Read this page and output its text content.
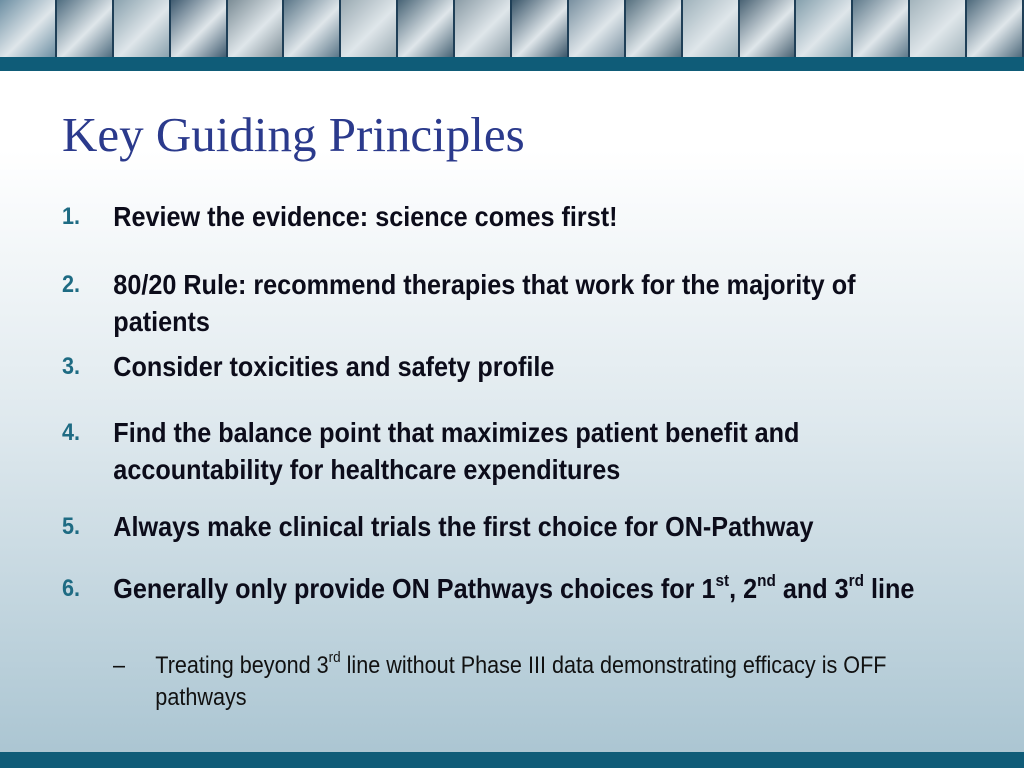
Key Guiding Principles
1.	Review the evidence: science comes first!
2.	80/20 Rule: recommend therapies that work for the majority of patients
3.	Consider toxicities and safety profile
4.	Find the balance point that maximizes patient benefit and accountability for healthcare expenditures
5.	Always make clinical trials the first choice for ON-Pathway
6.	Generally only provide ON Pathways choices for 1st, 2nd and 3rd line
– Treating beyond 3rd line without Phase III data demonstrating efficacy is OFF pathways
